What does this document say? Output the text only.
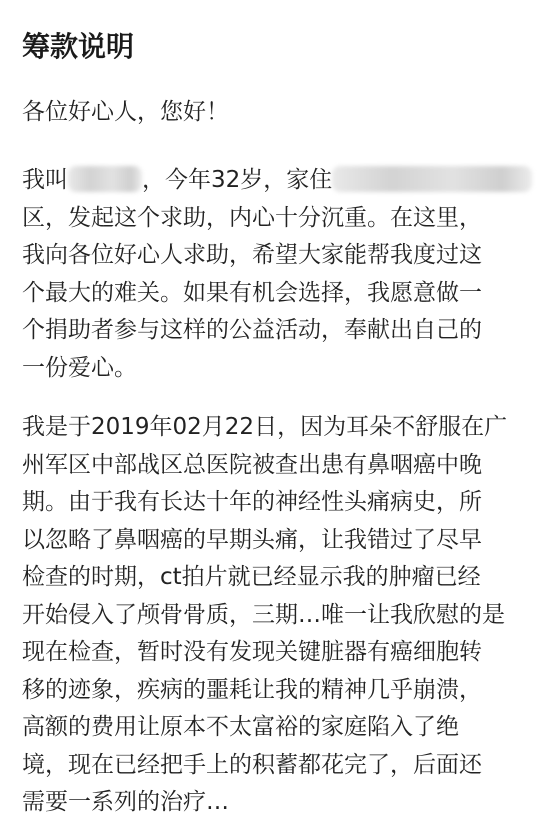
筹款说明

各位好心人，您好！

我叫	，今年32岁，家住
区，发起这个求助，内心十分沉重。在这里，
我向各位好心人求助，希望大家能帮我度过这
个最大的难关。如果有机会选择，我愿意做一
个捐助者参与这样的公益活动，奉献出自己的
一份爱心。
我是于2019年02月22日，因为耳朵不舒服在广
州军区中部战区总医院被查出患有鼻咽癌中晚
期。由于我有长达十年的神经性头痛病史，所
以忽略了鼻咽癌的早期头痛，让我错过了尽早
检查的时期，ct拍片就已经显示我的肿瘤已经
开始侵入了颅骨骨质，三期…唯一让我欣慰的是
现在检查，暂时没有发现关键脏器有癌细胞转
移的迹象，疾病的噩耗让我的精神几乎崩溃，
高额的费用让原本不太富裕的家庭陷入了绝
境，现在已经把手上的积蓄都花完了，后面还
需要一系列的治疗…
